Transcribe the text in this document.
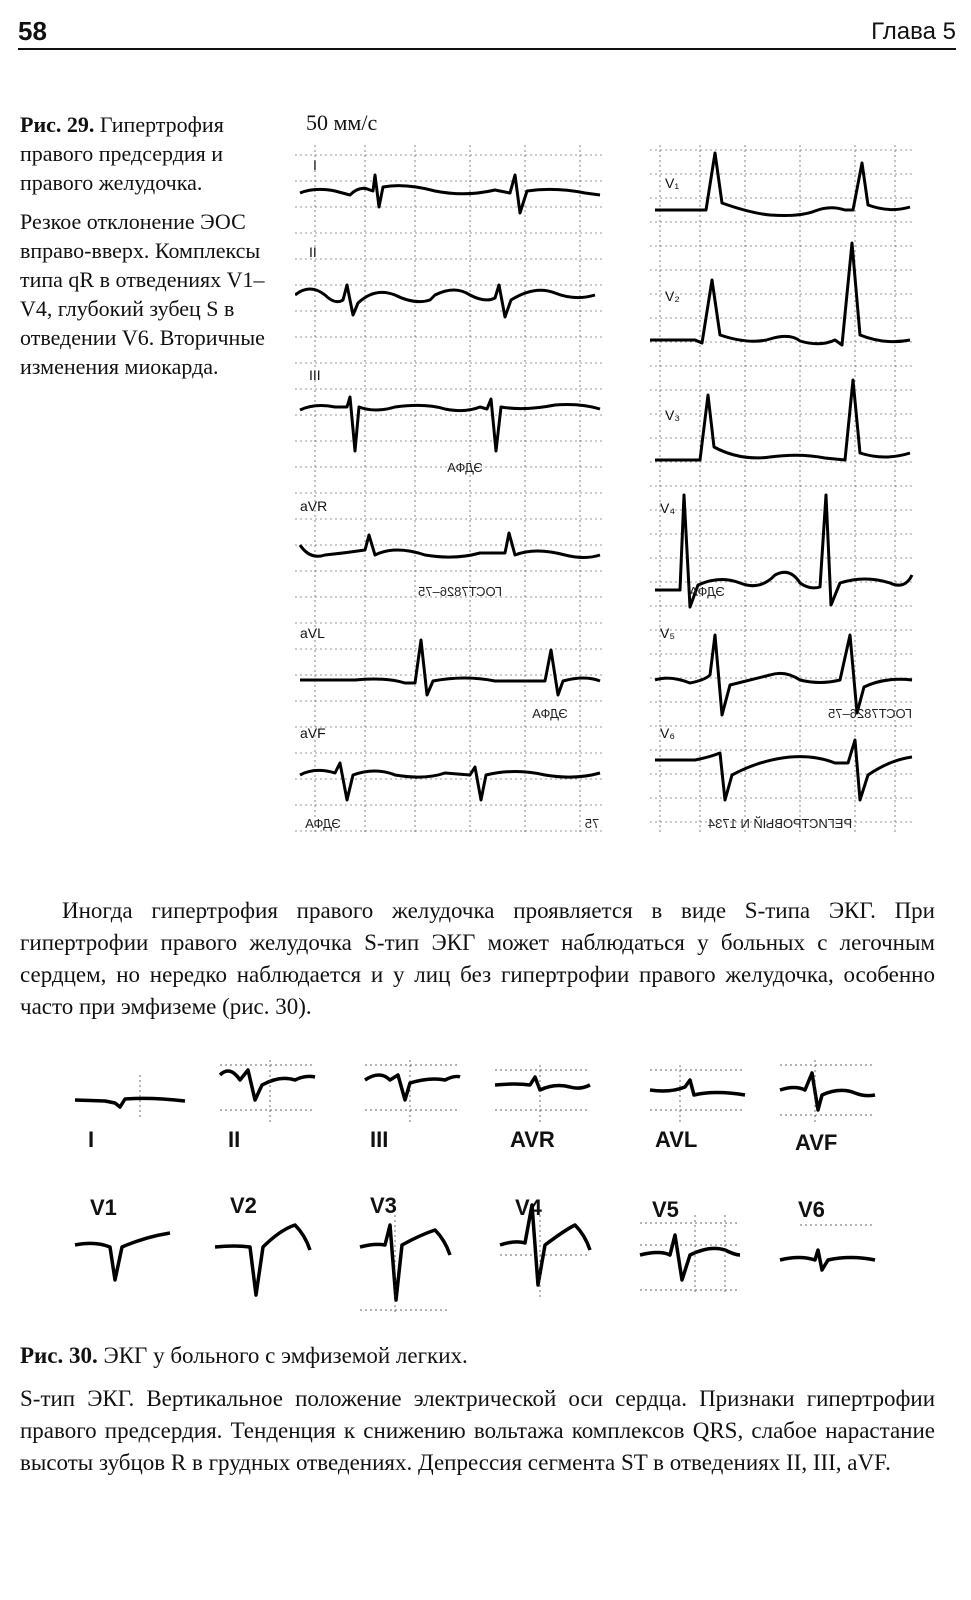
58	Глава 5

Рис. 29. Гипертрофия правого предсердия и правого желудочка.

Резкое отклонение ЭОС вправо-вверх. Комплексы типа qR в отведениях V1–V4, глубокий зубец S в отведении V6. Вторичные изменения миокарда.

50 мм/с
I
II
III
aVR
aVL
aVF
V₁
V₂
V₃
V₄
V₅
V₆
ЭДФА
ГОСТ7826–75
ЭДФА
ЭДФА	75
ЭДФА
ГОСТ7826–75
РЕГИСТРОВЫЙ N 1734

Иногда гипертрофия правого желудочка проявляется в виде S-типа ЭКГ. При гипертрофии правого желудочка S-тип ЭКГ может наблюдаться у больных с легочным сердцем, но нередко наблюдается и у лиц без гипертрофии правого желудочка, особенно часто при эмфиземе (рис. 30).

I	II	III	AVR	AVL	AVF
V1	V2	V3	V4	V5	V6

Рис. 30. ЭКГ у больного с эмфиземой легких.

S-тип ЭКГ. Вертикальное положение электрической оси сердца. Признаки гипертрофии правого предсердия. Тенденция к снижению вольтажа комплексов QRS, слабое нарастание высоты зубцов R в грудных отведениях. Депрессия сегмента ST в отведениях II, III, aVF.
